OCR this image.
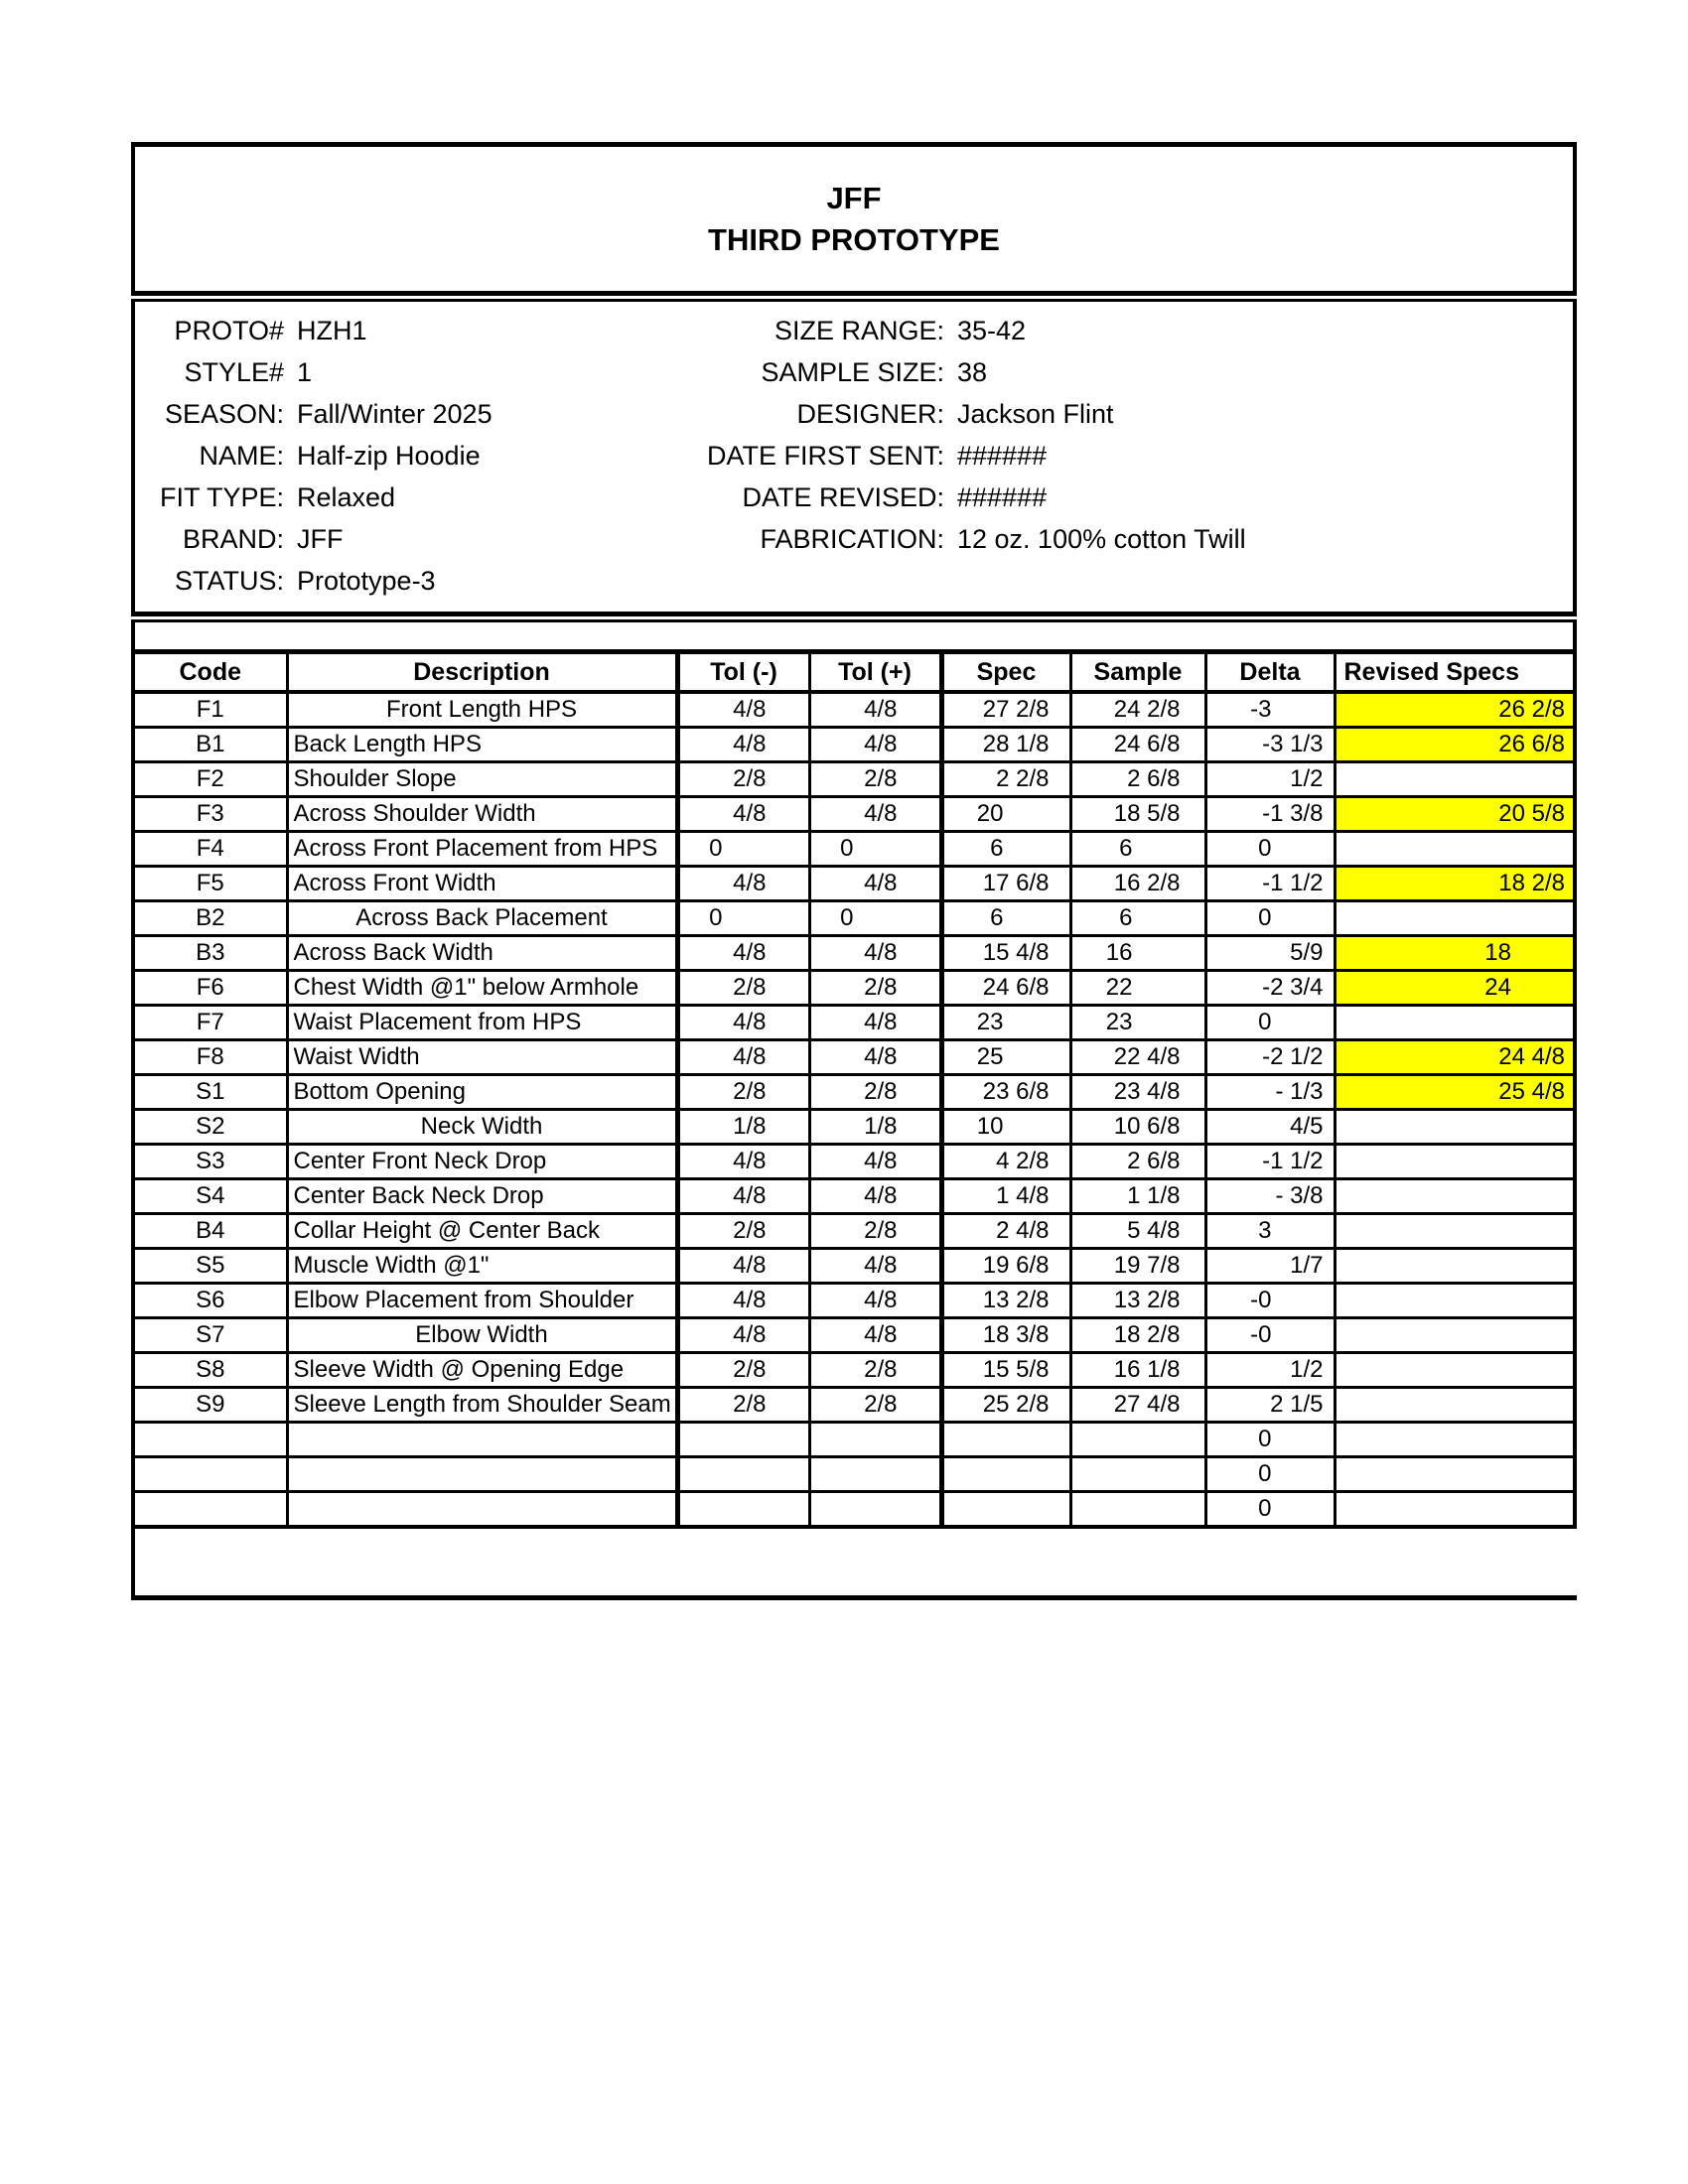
JFF
THIRD PROTOTYPE
PROTO# HZH1	SIZE RANGE: 35-42
STYLE# 1	SAMPLE SIZE: 38
SEASON: Fall/Winter 2025	DESIGNER: Jackson Flint
NAME: Half-zip Hoodie	DATE FIRST SENT: ######
FIT TYPE: Relaxed	DATE REVISED: ######
BRAND: JFF	FABRICATION: 12 oz. 100% cotton Twill
STATUS: Prototype-3
Code	Description	Tol (-)	Tol (+)	Spec	Sample	Delta	Revised Specs
F1	Front Length HPS	4/8	4/8	27 2/8	24 2/8	-3	26 2/8
B1	Back Length HPS	4/8	4/8	28 1/8	24 6/8	-3 1/3	26 6/8
F2	Shoulder Slope	2/8	2/8	2 2/8	2 6/8	1/2	
F3	Across Shoulder Width	4/8	4/8	20	18 5/8	-1 3/8	20 5/8
F4	Across Front Placement from HPS	0	0	6	6	0	
F5	Across Front Width	4/8	4/8	17 6/8	16 2/8	-1 1/2	18 2/8
B2	Across Back Placement	0	0	6	6	0	
B3	Across Back Width	4/8	4/8	15 4/8	16	5/9	18
F6	Chest Width @1" below Armhole	2/8	2/8	24 6/8	22	-2 3/4	24
F7	Waist Placement from HPS	4/8	4/8	23	23	0	
F8	Waist Width	4/8	4/8	25	22 4/8	-2 1/2	24 4/8
S1	Bottom Opening	2/8	2/8	23 6/8	23 4/8	- 1/3	25 4/8
S2	Neck Width	1/8	1/8	10	10 6/8	4/5	
S3	Center Front Neck Drop	4/8	4/8	4 2/8	2 6/8	-1 1/2	
S4	Center Back Neck Drop	4/8	4/8	1 4/8	1 1/8	- 3/8	
B4	Collar Height @ Center Back	2/8	2/8	2 4/8	5 4/8	3	
S5	Muscle Width @1"	4/8	4/8	19 6/8	19 7/8	1/7	
S6	Elbow Placement from Shoulder	4/8	4/8	13 2/8	13 2/8	-0	
S7	Elbow Width	4/8	4/8	18 3/8	18 2/8	-0	
S8	Sleeve Width @ Opening Edge	2/8	2/8	15 5/8	16 1/8	1/2	
S9	Sleeve Length from Shoulder Seam	2/8	2/8	25 2/8	27 4/8	2 1/5	
						0	
						0	
						0	
